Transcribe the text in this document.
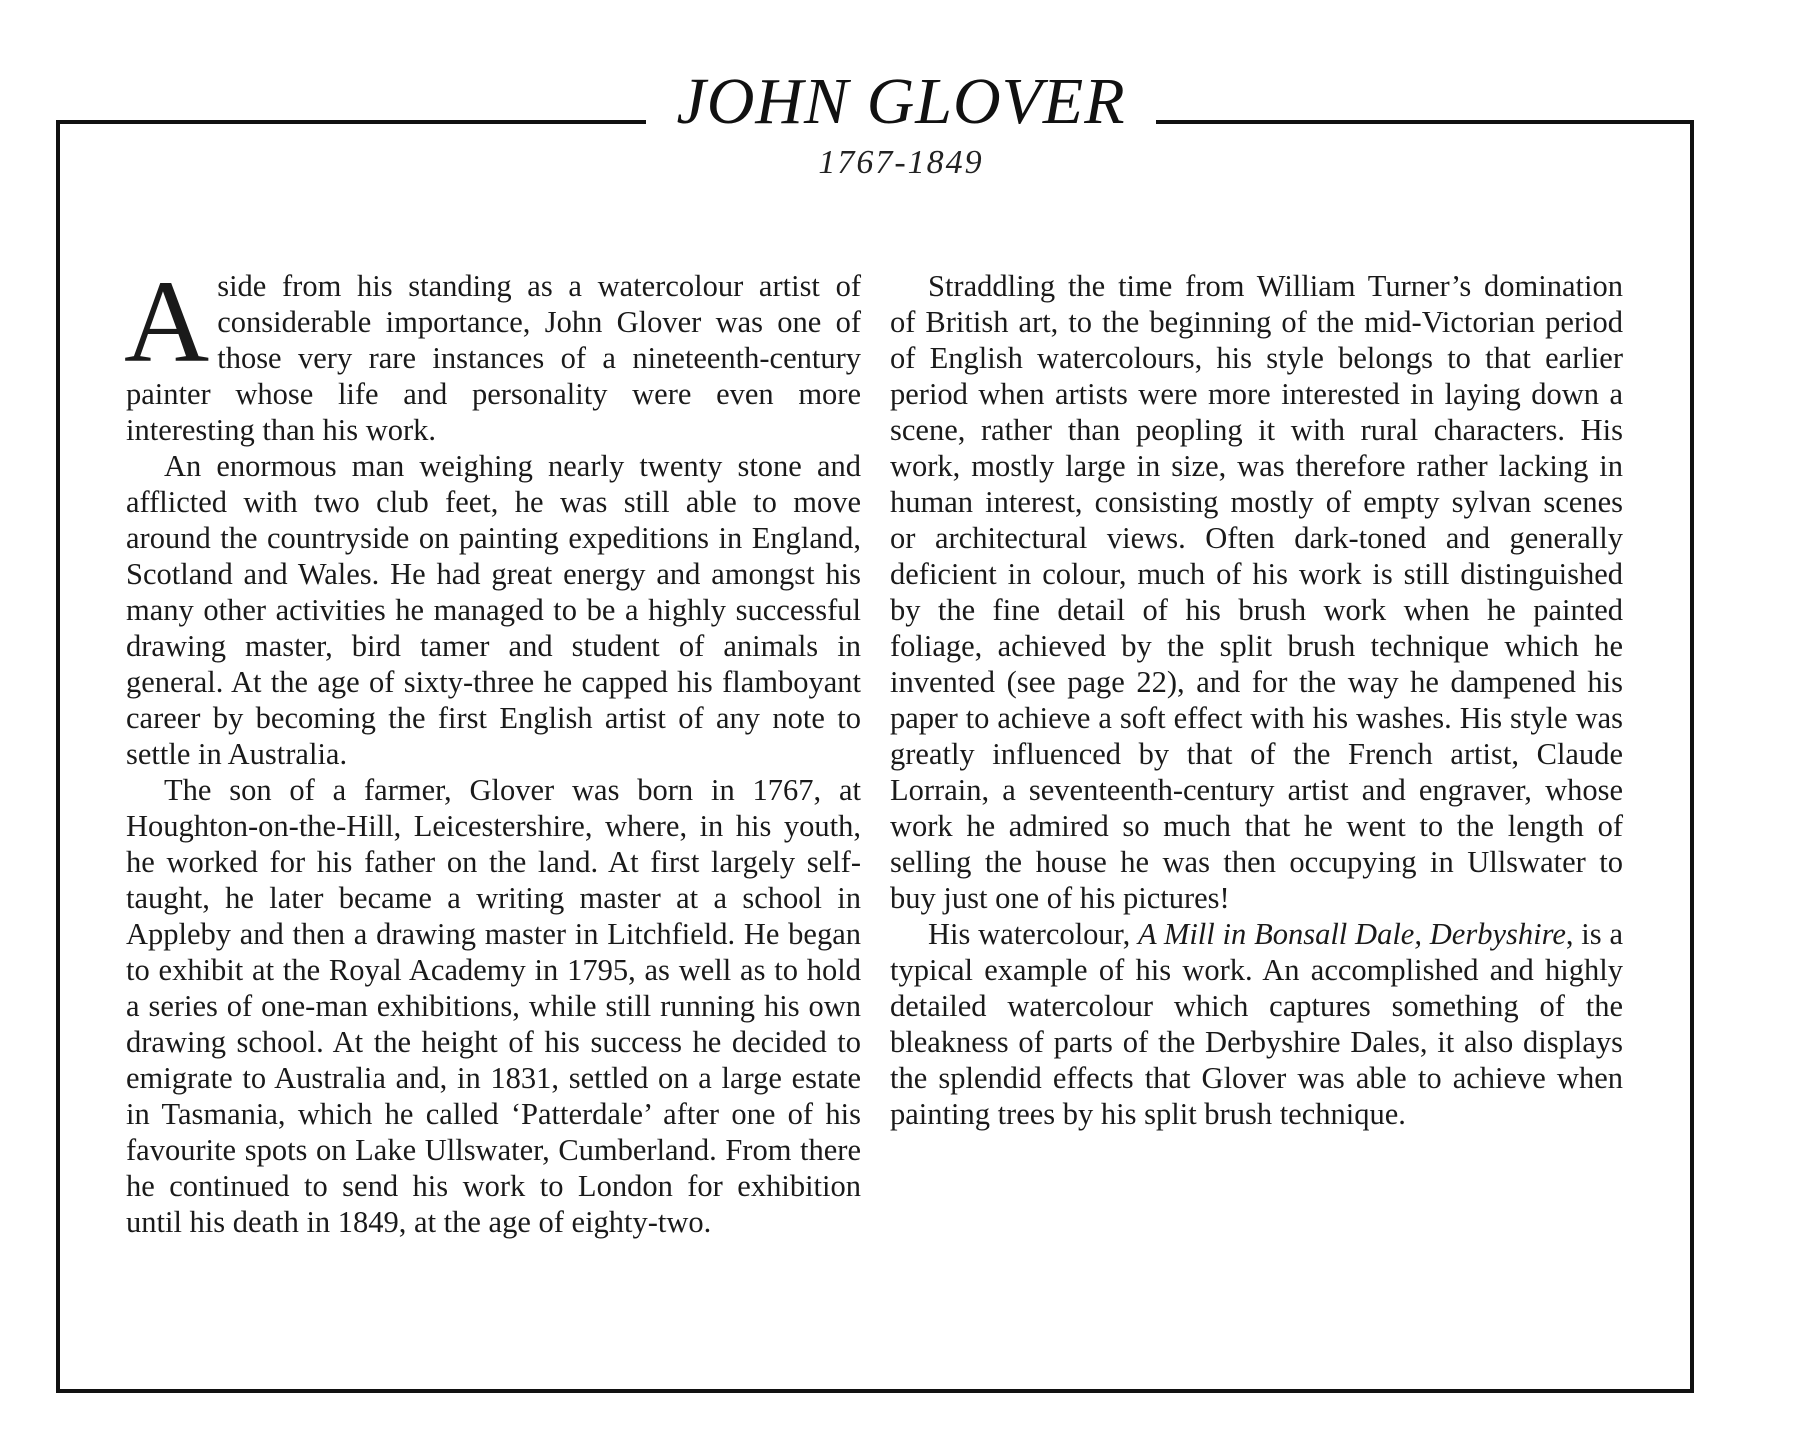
JOHN GLOVER
1767-1849

Aside from his standing as a watercolour artist of considerable importance, John Glover was one of those very rare instances of a nineteenth-century painter whose life and personality were even more interesting than his work.

An enormous man weighing nearly twenty stone and afflicted with two club feet, he was still able to move around the countryside on painting expeditions in England, Scotland and Wales. He had great energy and amongst his many other activities he managed to be a highly successful drawing master, bird tamer and student of animals in general. At the age of sixty-three he capped his flamboyant career by becoming the first English artist of any note to settle in Australia.

The son of a farmer, Glover was born in 1767, at Houghton-on-the-Hill, Leicestershire, where, in his youth, he worked for his father on the land. At first largely self-taught, he later became a writing master at a school in Appleby and then a drawing master in Litchfield. He began to exhibit at the Royal Academy in 1795, as well as to hold a series of one-man exhibitions, while still running his own drawing school. At the height of his success he decided to emigrate to Australia and, in 1831, settled on a large estate in Tasmania, which he called ‘Patterdale’ after one of his favourite spots on Lake Ullswater, Cumberland. From there he continued to send his work to London for exhibition until his death in 1849, at the age of eighty-two.

Straddling the time from William Turner’s domination of British art, to the beginning of the mid-Victorian period of English watercolours, his style belongs to that earlier period when artists were more interested in laying down a scene, rather than peopling it with rural characters. His work, mostly large in size, was therefore rather lacking in human interest, consisting mostly of empty sylvan scenes or architectural views. Often dark-toned and generally deficient in colour, much of his work is still distinguished by the fine detail of his brush work when he painted foliage, achieved by the split brush technique which he invented (see page 22), and for the way he dampened his paper to achieve a soft effect with his washes. His style was greatly influenced by that of the French artist, Claude Lorrain, a seventeenth-century artist and engraver, whose work he admired so much that he went to the length of selling the house he was then occupying in Ullswater to buy just one of his pictures!

His watercolour, A Mill in Bonsall Dale, Derbyshire, is a typical example of his work. An accomplished and highly detailed watercolour which captures something of the bleakness of parts of the Derbyshire Dales, it also displays the splendid effects that Glover was able to achieve when painting trees by his split brush technique.
